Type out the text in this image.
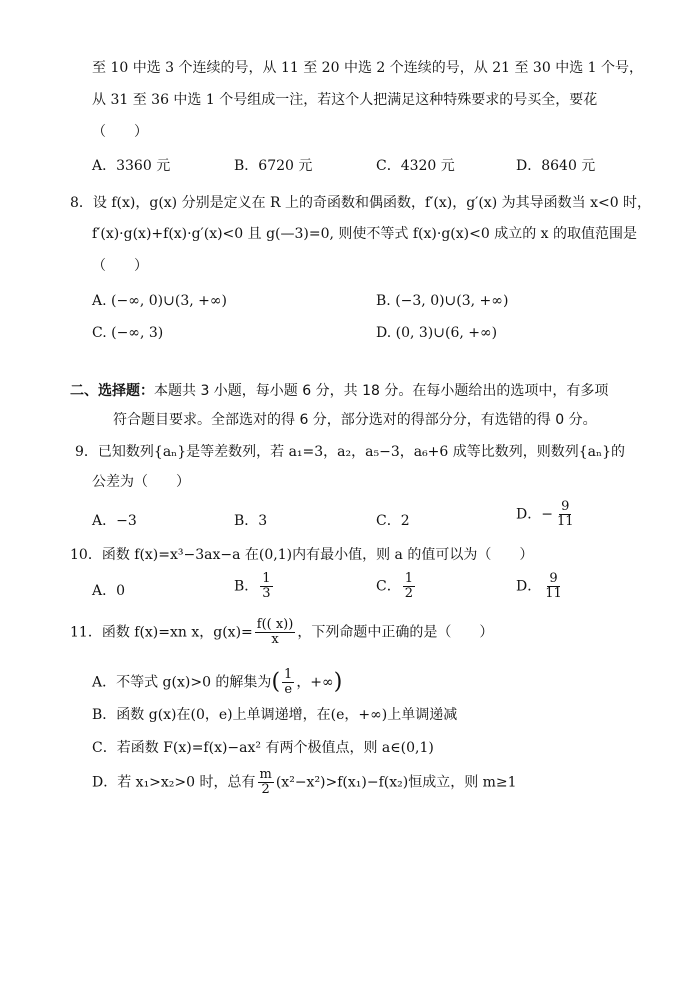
至 10 中选 3 个连续的号，从 11 至 20 中选 2 个连续的号，从 21 至 30 中选 1 个号，
从 31 至 36 中选 1 个号组成一注，若这个人把满足这种特殊要求的号买全，要花
（　　）
A．3360 元	B．6720 元	C．4320 元	D．8640 元
8．设 f(x)，g(x) 分别是定义在 R 上的奇函数和偶函数，f′(x)，g′(x) 为其导函数当 x<0 时，
f′(x)·g(x)+f(x)·g′(x)<0 且 g(—3)=0, 则使不等式 f(x)·g(x)<0 成立的 x 的取值范围是
（　　）
A. (−∞, 0)∪(3, +∞)	B. (−3, 0)∪(3, +∞)
C. (−∞, 3)	D. (0, 3)∪(6, +∞)
二、选择题：本题共 3 小题，每小题 6 分，共 18 分。在每小题给出的选项中，有多项
符合题目要求。全部选对的得 6 分，部分选对的得部分分，有选错的得 0 分。
9．已知数列{aₙ}是等差数列，若 a₁=3，a₂，a₅−3，a₆+6 成等比数列，则数列{aₙ}的
公差为（　　）
A．−3	B．3	C．2	D．− $\frac{9}{11}$
10．函数 f(x)=x³−3ax−a 在(0,1)内有最小值，则 a 的值可以为（　　）
A．0	B． $\frac{1}{3}$	C． $\frac{1}{2}$	D． $\frac{9}{11}$
11．函数 f(x)=xn x，$g(x)= \frac{f(( x))}{x}$ ，下列命题中正确的是（　　）
A．不等式 g(x)>0 的解集为( $\frac{1}{e}$ ，+∞)
B．函数 g(x)在(0，e)上单调递增，在(e，+∞)上单调递减
C．若函数 F(x)=f(x)−ax² 有两个极值点，则 a∈(0,1)
D．若 x₁>x₂>0 时，总有 $\frac{m}{2} (x^2-x^2)>f(x_1)-f(x_2)$恒成立，则 m≥1
